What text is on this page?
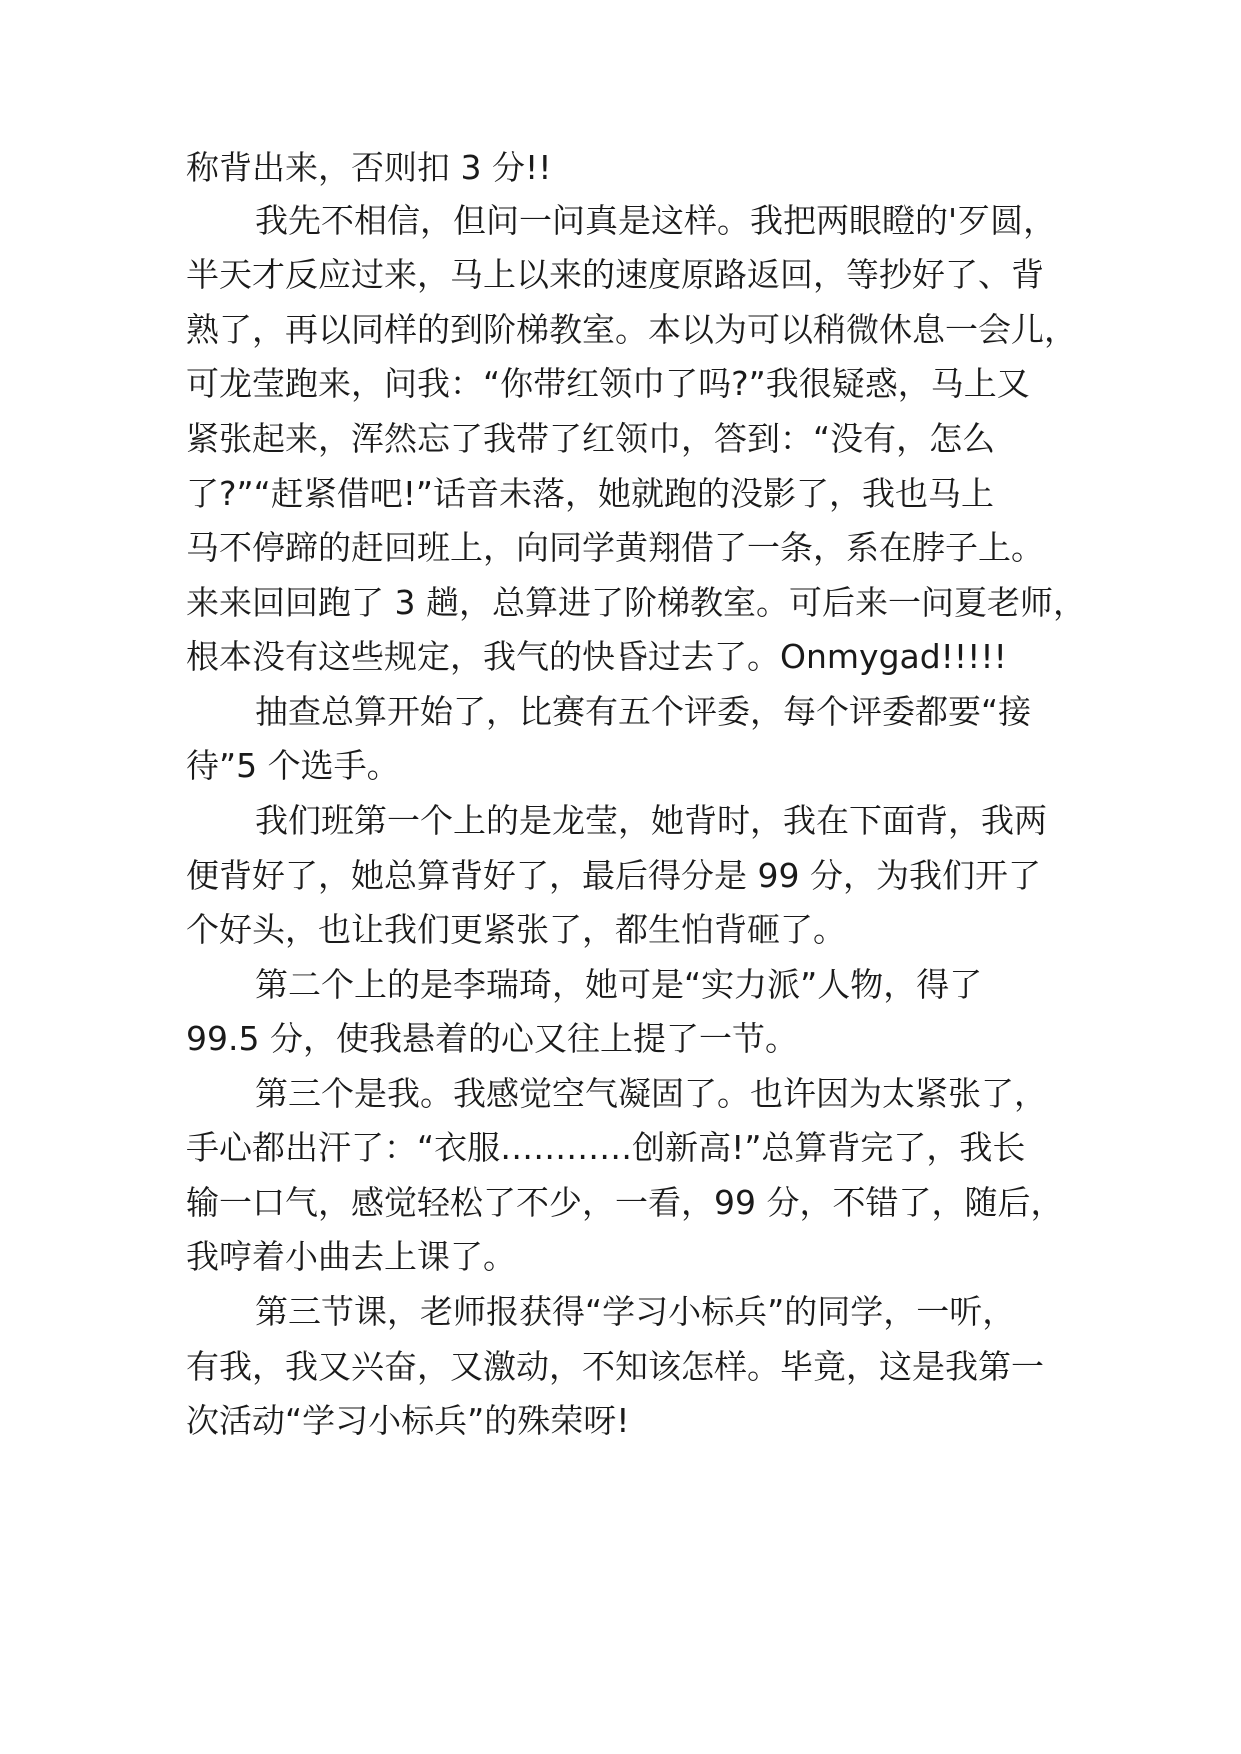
称背出来，否则扣 3 分!!

我先不相信，但问一问真是这样。我把两眼瞪的'歹圆，

半天才反应过来，马上以来的速度原路返回，等抄好了、背

熟了，再以同样的到阶梯教室。本以为可以稍微休息一会儿，

可龙莹跑来，问我：“你带红领巾了吗?”我很疑惑，马上又

紧张起来，浑然忘了我带了红领巾，答到：“没有，怎么

了?”“赶紧借吧!”话音未落，她就跑的没影了，我也马上

马不停蹄的赶回班上，向同学黄翔借了一条，系在脖子上。

来来回回跑了 3 趟，总算进了阶梯教室。可后来一问夏老师，

根本没有这些规定，我气的快昏过去了。Onmygad!!!!!

抽查总算开始了，比赛有五个评委，每个评委都要“接

待”5 个选手。

我们班第一个上的是龙莹，她背时，我在下面背，我两

便背好了，她总算背好了，最后得分是 99 分，为我们开了

个好头，也让我们更紧张了，都生怕背砸了。

第二个上的是李瑞琦，她可是“实力派”人物，得了

99.5 分，使我悬着的心又往上提了一节。

第三个是我。我感觉空气凝固了。也许因为太紧张了，

手心都出汗了：“衣服…………创新高!”总算背完了，我长

输一口气，感觉轻松了不少，一看，99 分，不错了，随后，

我哼着小曲去上课了。

第三节课，老师报获得“学习小标兵”的同学，一听，

有我，我又兴奋，又激动，不知该怎样。毕竟，这是我第一

次活动“学习小标兵”的殊荣呀!
